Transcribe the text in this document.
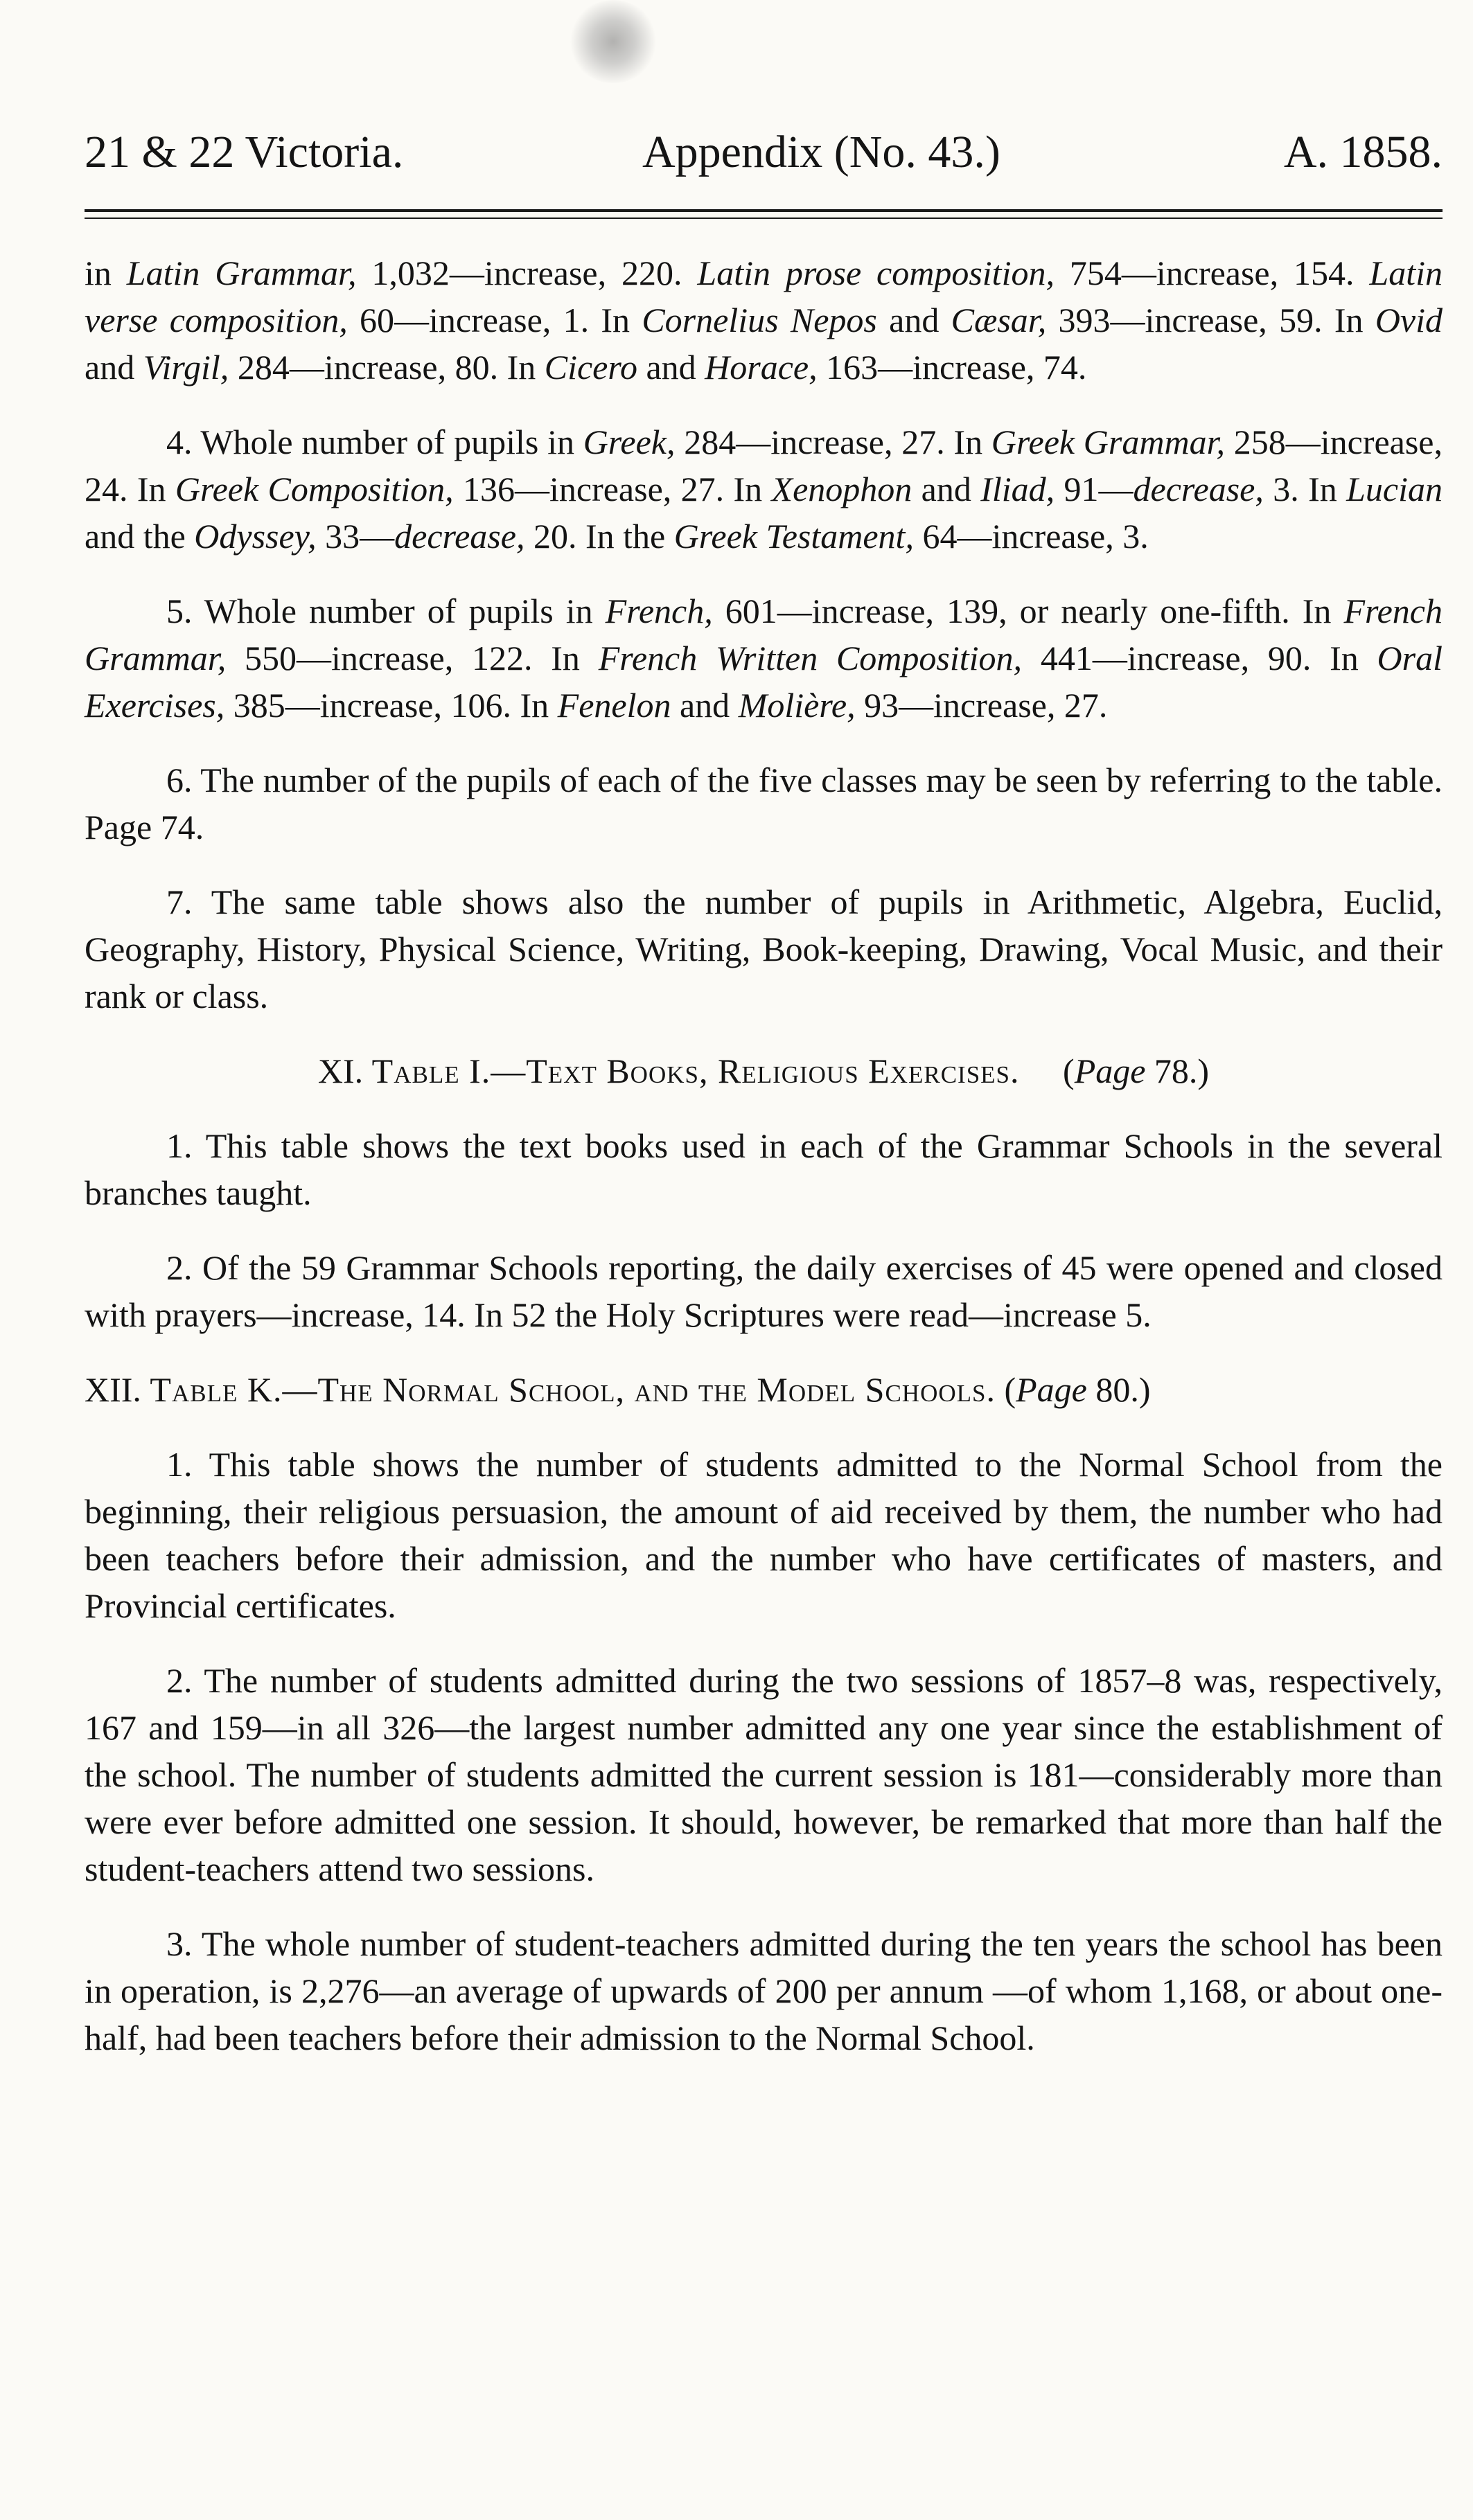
21 & 22 Victoria.	Appendix (No. 43.)	A. 1858.

in Latin Grammar, 1,032—increase, 220. Latin prose composition, 754—increase, 154. Latin verse composition, 60—increase, 1. In Cornelius Nepos and Cæsar, 393—increase, 59. In Ovid and Virgil, 284—increase, 80. In Cicero and Horace, 163—increase, 74.

4. Whole number of pupils in Greek, 284—increase, 27. In Greek Grammar, 258—increase, 24. In Greek Composition, 136—increase, 27. In Xenophon and Iliad, 91—decrease, 3. In Lucian and the Odyssey, 33—decrease, 20. In the Greek Testament, 64—increase, 3.

5. Whole number of pupils in French, 601—increase, 139, or nearly one-fifth. In French Grammar, 550—increase, 122. In French Written Composition, 441—increase, 90. In Oral Exercises, 385—increase, 106. In Fenelon and Molière, 93—increase, 27.

6. The number of the pupils of each of the five classes may be seen by referring to the table. Page 74.

7. The same table shows also the number of pupils in Arithmetic, Algebra, Euclid, Geography, History, Physical Science, Writing, Book-keeping, Drawing, Vocal Music, and their rank or class.

XI. Table I.—Text Books, Religious Exercises.   (Page 78.)

1. This table shows the text books used in each of the Grammar Schools in the several branches taught.

2. Of the 59 Grammar Schools reporting, the daily exercises of 45 were opened and closed with prayers—increase, 14. In 52 the Holy Scriptures were read—increase 5.

XII. Table K.—The Normal School, and the Model Schools. (Page 80.)

1. This table shows the number of students admitted to the Normal School from the beginning, their religious persuasion, the amount of aid received by them, the number who had been teachers before their admission, and the number who have certificates of masters, and Provincial certificates.

2. The number of students admitted during the two sessions of 1857–8 was, respectively, 167 and 159—in all 326—the largest number admitted any one year since the establishment of the school. The number of students admitted the current session is 181—considerably more than were ever before admitted one session. It should, however, be remarked that more than half the student-teachers attend two sessions.

3. The whole number of student-teachers admitted during the ten years the school has been in operation, is 2,276—an average of upwards of 200 per annum —of whom 1,168, or about one-half, had been teachers before their admission to the Normal School.
